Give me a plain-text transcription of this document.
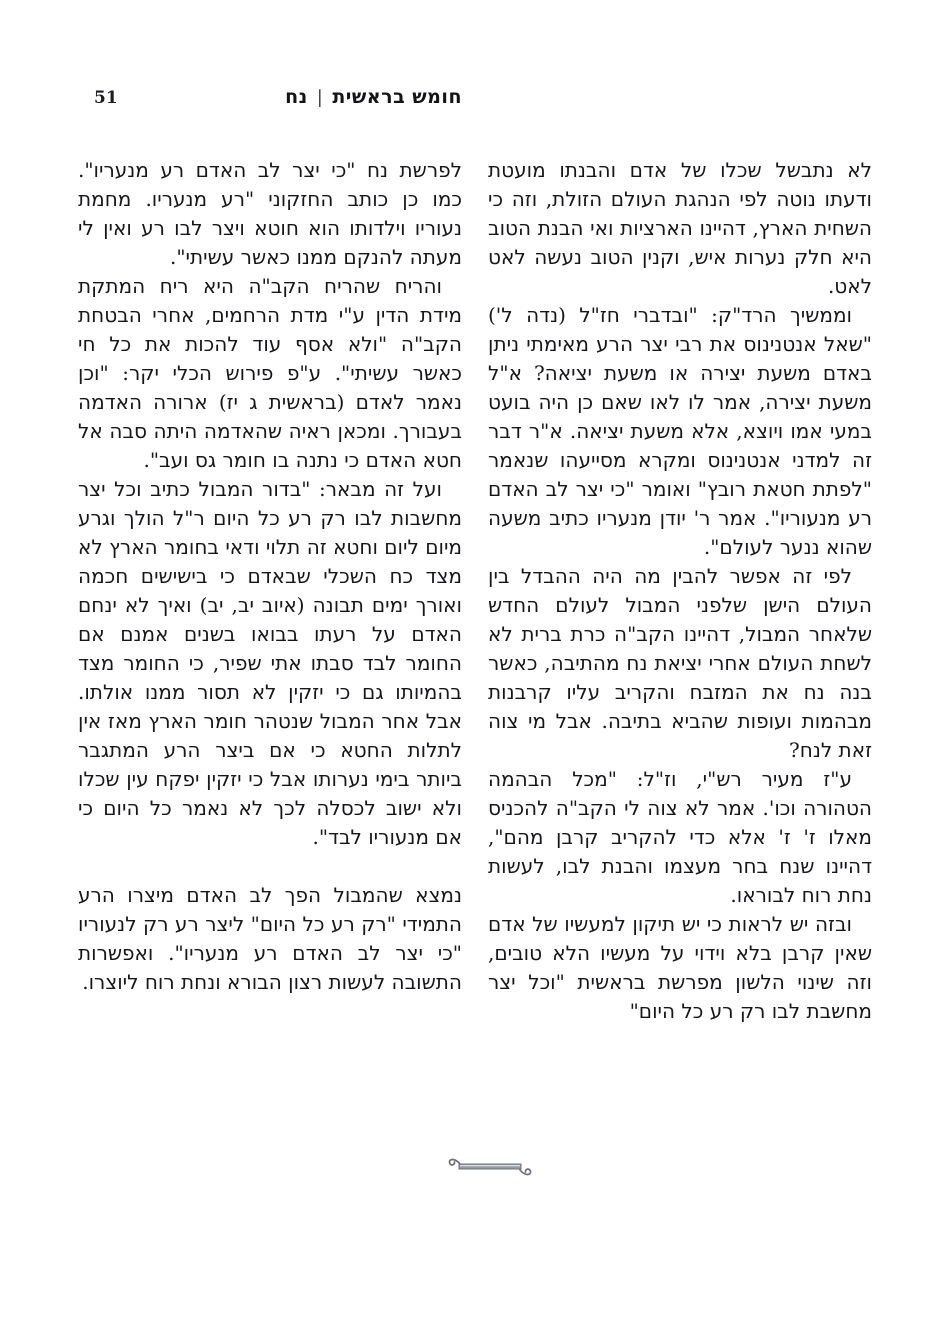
51	חומש בראשית|נח

לא נתבשל שכלו של אדם והבנתו מועטת ודעתו נוטה לפי הנהגת העולם הזולת, וזה כי השחית הארץ, דהיינו הארציות ואי הבנת הטוב היא חלק נערות איש, וקנין הטוב נעשה לאט לאט.

וממשיך הרד"ק: "ובדברי חז"ל (נדה ל') "שאל אנטנינוס את רבי יצר הרע מאימתי ניתן באדם משעת יצירה או משעת יציאה? א"ל משעת יצירה, אמר לו לאו שאם כן היה בועט במעי אמו ויוצא, אלא משעת יציאה. א"ר דבר זה למדני אנטנינוס ומקרא מסייעהו שנאמר "לפתת חטאת רובץ" ואומר "כי יצר לב האדם רע מנעוריו". אמר ר' יודן מנעריו כתיב משעה שהוא ננער לעולם".

לפי זה אפשר להבין מה היה ההבדל בין העולם הישן שלפני המבול לעולם החדש שלאחר המבול, דהיינו הקב"ה כרת ברית לא לשחת העולם אחרי יציאת נח מהתיבה, כאשר בנה נח את המזבח והקריב עליו קרבנות מבהמות ועופות שהביא בתיבה. אבל מי צוה זאת לנח?

ע"ז מעיר רש"י, וז"ל: "מכל הבהמה הטהורה וכו'. אמר לא צוה לי הקב"ה להכניס מאלו ז' ז' אלא כדי להקריב קרבן מהם", דהיינו שנח בחר מעצמו והבנת לבו, לעשות נחת רוח לבוראו.

ובזה יש לראות כי יש תיקון למעשיו של אדם שאין קרבן בלא וידוי על מעשיו הלא טובים, וזה שינוי הלשון מפרשת בראשית "וכל יצר מחשבת לבו רק רע כל היום"

לפרשת נח "כי יצר לב האדם רע מנעריו". כמו כן כותב החזקוני "רע מנעריו. מחמת נעוריו וילדותו הוא חוטא ויצר לבו רע ואין לי מעתה להנקם ממנו כאשר עשיתי".

והריח שהריח הקב"ה היא ריח המתקת מידת הדין ע"י מדת הרחמים, אחרי הבטחת הקב"ה "ולא אסף עוד להכות את כל חי כאשר עשיתי". ע"פ פירוש הכלי יקר: "וכן נאמר לאדם (בראשית ג יז) ארורה האדמה בעבורך. ומכאן ראיה שהאדמה היתה סבה אל חטא האדם כי נתנה בו חומר גס ועב".

ועל זה מבאר: "בדור המבול כתיב וכל יצר מחשבות לבו רק רע כל היום ר"ל הולך וגרע מיום ליום וחטא זה תלוי ודאי בחומר הארץ לא מצד כח השכלי שבאדם כי בישישים חכמה ואורך ימים תבונה (איוב יב, יב) ואיך לא ינחם האדם על רעתו בבואו בשנים אמנם אם החומר לבד סבתו אתי שפיר, כי החומר מצד בהמיותו גם כי יזקין לא תסור ממנו אולתו. אבל אחר המבול שנטהר חומר הארץ מאז אין לתלות החטא כי אם ביצר הרע המתגבר ביותר בימי נערותו אבל כי יזקין יפקח עין שכלו ולא ישוב לכסלה לכך לא נאמר כל היום כי אם מנעוריו לבד".

נמצא שהמבול הפך לב האדם מיצרו הרע התמידי "רק רע כל היום" ליצר רע רק לנעוריו "כי יצר לב האדם רע מנעריו". ואפשרות התשובה לעשות רצון הבורא ונחת רוח ליוצרו.
